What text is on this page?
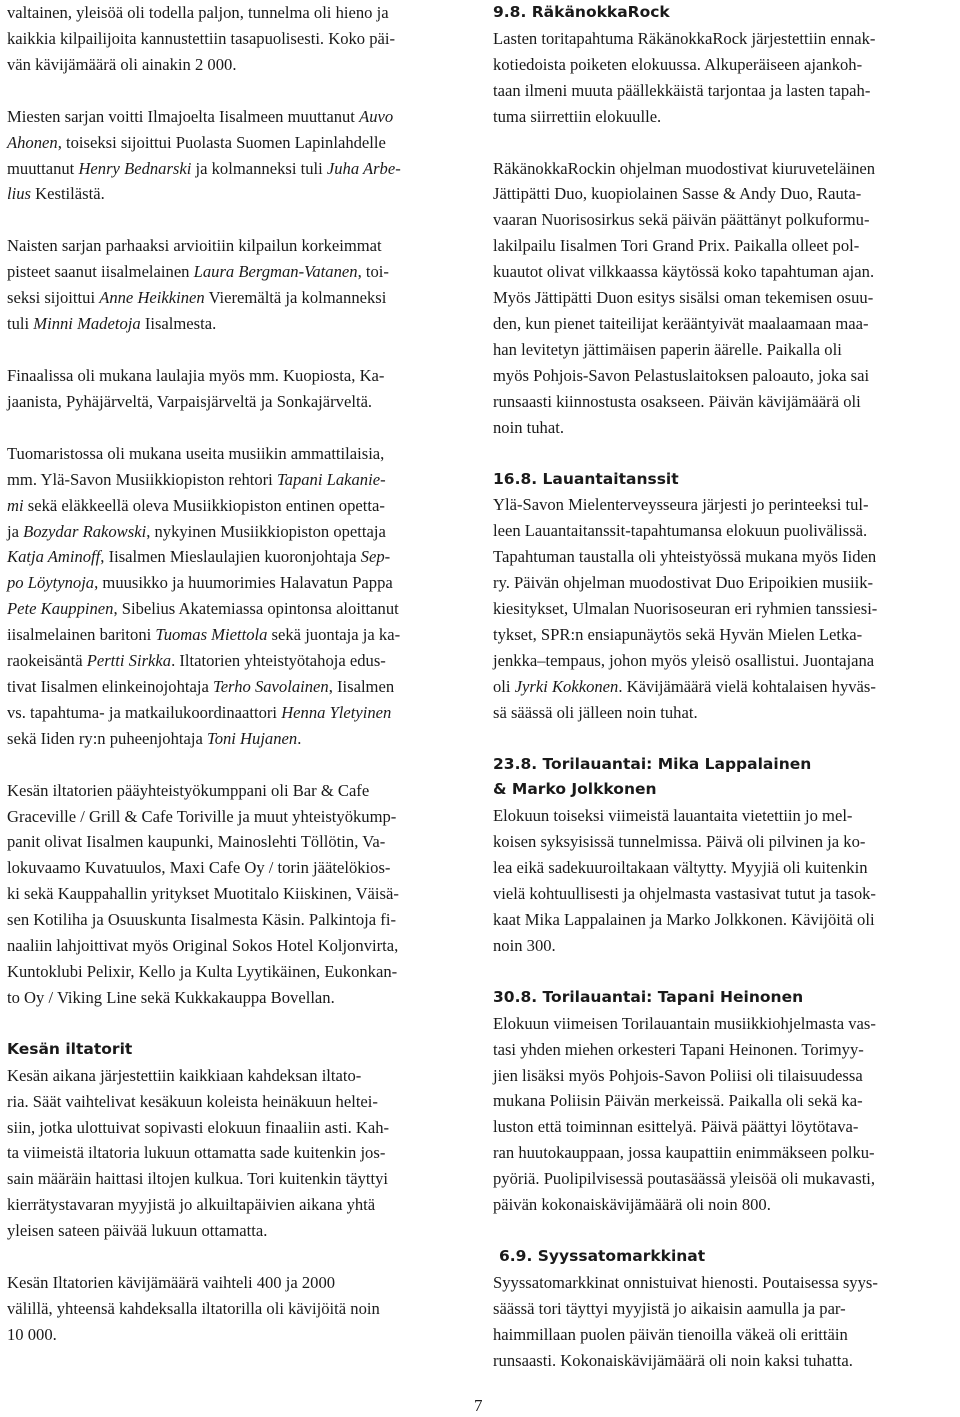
valtainen, yleisöä oli todella paljon, tunnelma oli hieno ja
kaikkia kilpailijoita kannustettiin tasapuolisesti. Koko päi-
vän kävijämäärä oli ainakin 2 000.

Miesten sarjan voitti Ilmajoelta Iisalmeen muuttanut Auvo
Ahonen, toiseksi sijoittui Puolasta Suomen Lapinlahdelle
muuttanut Henry Bednarski ja kolmanneksi tuli Juha Arbe-
lius Kestilästä.

Naisten sarjan parhaaksi arvioitiin kilpailun korkeimmat
pisteet saanut iisalmelainen Laura Bergman-Vatanen, toi-
seksi sijoittui Anne Heikkinen Vieremältä ja kolmanneksi
tuli Minni Madetoja Iisalmesta.

Finaalissa oli mukana laulajia myös mm. Kuopiosta, Ka-
jaanista, Pyhäjärveltä, Varpaisjärveltä ja Sonkajärveltä.

Tuomaristossa oli mukana useita musiikin ammattilaisia,
mm. Ylä-Savon Musiikkiopiston rehtori Tapani Lakanie-
mi sekä eläkkeellä oleva Musiikkiopiston entinen opetta-
ja Bozydar Rakowski, nykyinen Musiikkiopiston opettaja
Katja Aminoff, Iisalmen Mieslaulajien kuoronjohtaja Sep-
po Löytynoja, muusikko ja huumorimies Halavatun Pappa
Pete Kauppinen, Sibelius Akatemiassa opintonsa aloittanut
iisalmelainen baritoni Tuomas Miettola sekä juontaja ja ka-
raokeisäntä Pertti Sirkka. Iltatorien yhteistyötahoja edus-
tivat Iisalmen elinkeinojohtaja Terho Savolainen, Iisalmen
vs. tapahtuma- ja matkailukoordinaattori Henna Yletyinen
sekä Iiden ry:n puheenjohtaja Toni Hujanen.

Kesän iltatorien pääyhteistyökumppani oli Bar & Cafe
Graceville / Grill & Cafe Toriville ja muut yhteistyökump-
panit olivat Iisalmen kaupunki, Mainoslehti Töllötin, Va-
lokuvaamo Kuvatuulos, Maxi Cafe Oy / torin jäätelökios-
ki sekä Kauppahallin yritykset Muotitalo Kiiskinen, Väisä-
sen Kotiliha ja Osuuskunta Iisalmesta Käsin. Palkintoja fi-
naaliin lahjoittivat myös Original Sokos Hotel Koljonvirta,
Kuntoklubi Pelixir, Kello ja Kulta Lyytikäinen, Eukonkan-
to Oy / Viking Line sekä Kukkakauppa Bovellan.

Kesän iltatorit

Kesän aikana järjestettiin kaikkiaan kahdeksan iltato-
ria. Säät vaihtelivat kesäkuun koleista heinäkuun heltei-
siin, jotka ulottuivat sopivasti elokuun finaaliin asti. Kah-
ta viimeistä iltatoria lukuun ottamatta sade kuitenkin jos-
sain määräin haittasi iltojen kulkua. Tori kuitenkin täyttyi
kierrätystavaran myyjistä jo alkuiltapäivien aikana yhtä
yleisen sateen päivää lukuun ottamatta.

Kesän Iltatorien kävijämäärä vaihteli 400 ja 2000
välillä, yhteensä kahdeksalla iltatorilla oli kävijöitä noin
10 000.

9.8. RäkänokkaRock

Lasten toritapahtuma RäkänokkaRock järjestettiin ennak-
kotiedoista poiketen elokuussa. Alkuperäiseen ajankoh-
taan ilmeni muuta päällekkäistä tarjontaa ja lasten tapah-
tuma siirrettiin elokuulle.

RäkänokkaRockin ohjelman muodostivat kiuruveteläinen
Jättipätti Duo, kuopiolainen Sasse & Andy Duo, Rauta-
vaaran Nuorisosirkus sekä päivän päättänyt polkuformu-
lakilpailu Iisalmen Tori Grand Prix. Paikalla olleet pol-
kuautot olivat vilkkaassa käytössä koko tapahtuman ajan.
Myös Jättipätti Duon esitys sisälsi oman tekemisen osuu-
den, kun pienet taiteilijat kerääntyivät maalaamaan maa-
han levitetyn jättimäisen paperin äärelle. Paikalla oli
myös Pohjois-Savon Pelastuslaitoksen paloauto, joka sai
runsaasti kiinnostusta osakseen. Päivän kävijämäärä oli
noin tuhat.

16.8. Lauantaitanssit

Ylä-Savon Mielenterveysseura järjesti jo perinteeksi tul-
leen Lauantaitanssit-tapahtumansa elokuun puolivälissä.
Tapahtuman taustalla oli yhteistyössä mukana myös Iiden
ry. Päivän ohjelman muodostivat Duo Eripoikien musiik-
kiesitykset, Ulmalan Nuorisoseuran eri ryhmien tanssiesi-
tykset, SPR:n ensiapunäytös sekä Hyvän Mielen Letka-
jenkka–tempaus, johon myös yleisö osallistui. Juontajana
oli Jyrki Kokkonen. Kävijämäärä vielä kohtalaisen hyväs-
sä säässä oli jälleen noin tuhat.

23.8. Torilauantai: Mika Lappalainen
& Marko Jolkkonen

Elokuun toiseksi viimeistä lauantaita vietettiin jo mel-
koisen syksyisissä tunnelmissa. Päivä oli pilvinen ja ko-
lea eikä sadekuuroiltakaan vältytty. Myyjiä oli kuitenkin
vielä kohtuullisesti ja ohjelmasta vastasivat tutut ja tasok-
kaat Mika Lappalainen ja Marko Jolkkonen. Kävijöitä oli
noin 300.

30.8. Torilauantai: Tapani Heinonen

Elokuun viimeisen Torilauantain musiikkiohjelmasta vas-
tasi yhden miehen orkesteri Tapani Heinonen. Torimyy-
jien lisäksi myös Pohjois-Savon Poliisi oli tilaisuudessa
mukana Poliisin Päivän merkeissä. Paikalla oli sekä ka-
luston että toiminnan esittelyä. Päivä päättyi löytötava-
ran huutokauppaan, jossa kaupattiin enimmäkseen polku-
pyöriä. Puolipilvisessä poutasäässä yleisöä oli mukavasti,
päivän kokonaiskävijämäärä oli noin 800.

6.9. Syyssatomarkkinat

Syyssatomarkkinat onnistuivat hienosti. Poutaisessa syys-
säässä tori täyttyi myyjistä jo aikaisin aamulla ja par-
haimmillaan puolen päivän tienoilla väkeä oli erittäin
runsaasti. Kokonaiskävijämäärä oli noin kaksi tuhatta.

7
